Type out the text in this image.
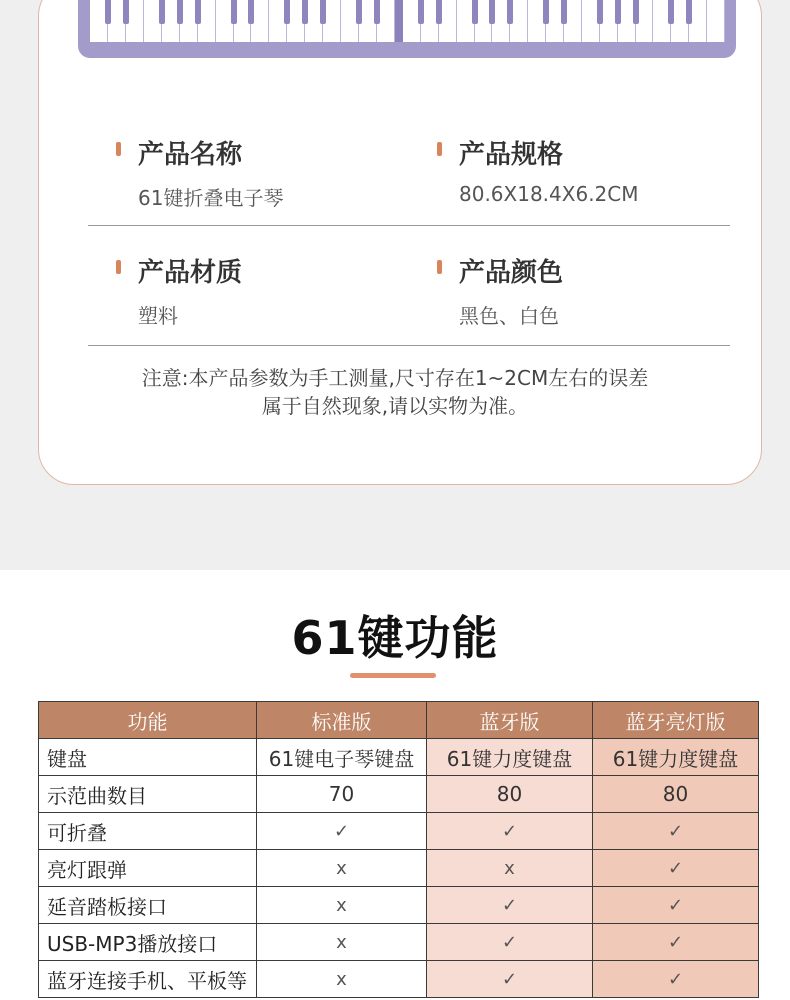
产品名称
61键折叠电子琴
产品规格
80.6X18.4X6.2CM
产品材质
塑料
产品颜色
黑色、白色
注意:本产品参数为手工测量,尺寸存在1~2CM左右的误差
属于自然现象,请以实物为准。
61键功能
功能	标准版	蓝牙版	蓝牙亮灯版
键盘	61键电子琴键盘	61键力度键盘	61键力度键盘
示范曲数目	70	80	80
可折叠	✓	✓	✓
亮灯跟弹	x	x	✓
延音踏板接口	x	✓	✓
USB-MP3播放接口	x	✓	✓
蓝牙连接手机、平板等	x	✓	✓
